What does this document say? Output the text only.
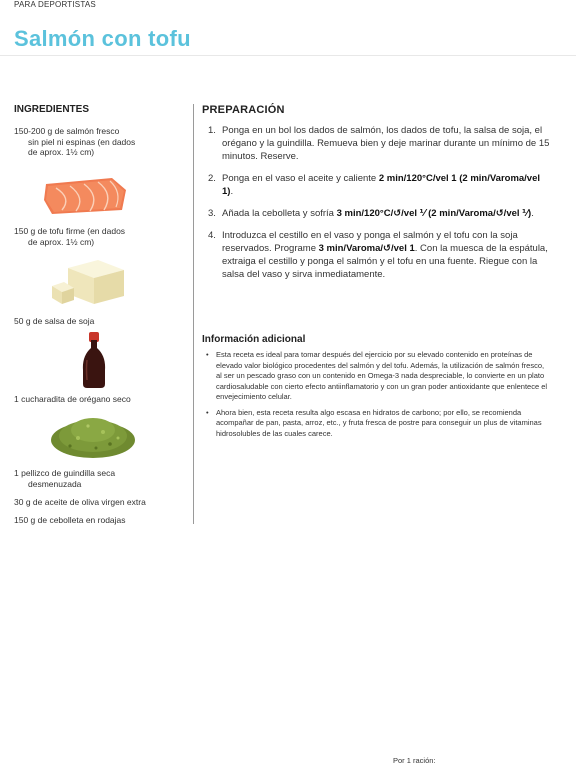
PARA DEPORTISTAS
Salmón con tofu
INGREDIENTES
150-200 g de salmón fresco
sin piel ni espinas (en dados
de aprox. 1½ cm)
150 g de tofu firme (en dados
de aprox. 1½ cm)
50 g de salsa de soja
1 cucharadita de orégano seco
1 pellizco de guindilla seca
desmenuzada
30 g de aceite de oliva virgen extra
150 g de cebolleta en rodajas
PREPARACIÓN
1. Ponga en un bol los dados de salmón, los dados de tofu, la salsa de soja, el orégano y la guindilla. Remueva bien y deje marinar durante un mínimo de 15 minutos. Reserve.
2. Ponga en el vaso el aceite y caliente 2 min/120°C/vel 1 (2 min/Varoma/vel 1).
3. Añada la cebolleta y sofría 3 min/120°C/↺/vel ⅟ (2 min/Varoma/↺/vel ⅟).
4. Introduzca el cestillo en el vaso y ponga el salmón y el tofu con la soja reservados. Programe 3 min/Varoma/↺/vel 1. Con la muesca de la espátula, extraiga el cestillo y ponga el salmón y el tofu en una fuente. Riegue con la salsa del vaso y sirva inmediatamente.
Información adicional
• Esta receta es ideal para tomar después del ejercicio por su elevado contenido en proteínas de elevado valor biológico procedentes del salmón y del tofu. Además, la utilización de salmón fresco, al ser un pescado graso con un contenido en Omega-3 nada despreciable, lo convierte en un plato cardiosaludable con cierto efecto antiinflamatorio y con un gran poder antioxidante que enlentece el envejecimiento celular.
• Ahora bien, esta receta resulta algo escasa en hidratos de carbono; por ello, se recomienda acompañar de pan, pasta, arroz, etc., y fruta fresca de postre para conseguir un plus de vitaminas hidrosolubles de las cuales carece.
Por 1 ración:
